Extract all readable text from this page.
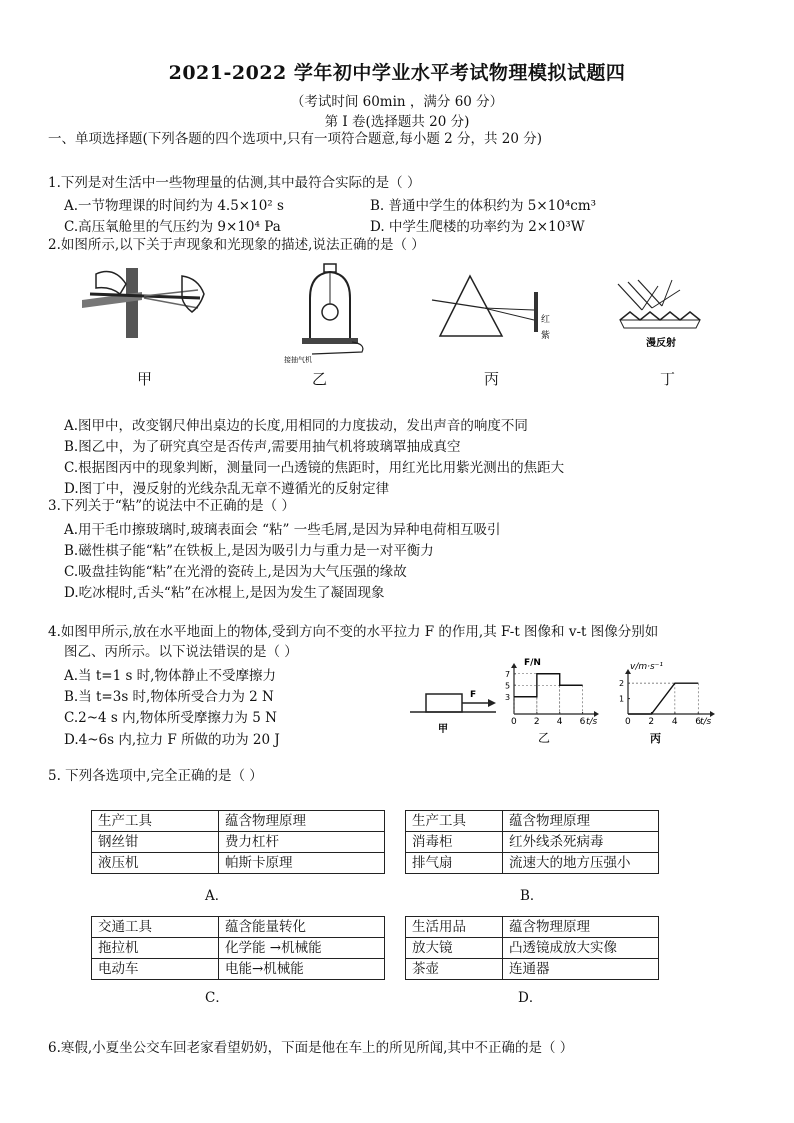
2021-2022 学年初中学业水平考试物理模拟试题四
（考试时间 60min ，满分 60 分）
第 I 卷(选择题共 20 分)
一、单项选择题(下列各题的四个选项中,只有一项符合题意,每小题 2 分，共 20 分)
1.下列是对生活中一些物理量的估测,其中最符合实际的是（ ）
A.一节物理课的时间约为 4.5×10² s	B. 普通中学生的体积约为 5×10⁴cm³
C.高压氧舱里的气压约为 9×10⁴ Pa	D. 中学生爬楼的功率约为 2×10³W
2.如图所示,以下关于声现象和光现象的描述,说法正确的是（ ）
接抽气机
红
紫
漫反射
甲	乙	丙	丁
A.图甲中，改变钢尺伸出桌边的长度,用相同的力度拔动，发出声音的响度不同
B.图乙中，为了研究真空是否传声,需要用抽气机将玻璃罩抽成真空
C.根据图丙中的现象判断，测量同一凸透镜的焦距时，用红光比用紫光测出的焦距大
D.图丁中，漫反射的光线杂乱无章不遵循光的反射定律
3.下列关于“粘”的说法中不正确的是（ ）
A.用干毛巾擦玻璃时,玻璃表面会 “粘” 一些毛屑,是因为异种电荷相互吸引
B.磁性棋子能“粘”在铁板上,是因为吸引力与重力是一对平衡力
C.吸盘挂钩能“粘”在光滑的瓷砖上,是因为大气压强的缘故
D.吃冰棍时,舌头“粘”在冰棍上,是因为发生了凝固现象
4.如图甲所示,放在水平地面上的物体,受到方向不变的水平拉力 F 的作用,其 F-t 图像和 v-t 图像分别如
图乙、丙所示。以下说法错误的是（ ）
A.当 t=1 s 时,物体静止不受摩擦力
B.当 t=3s 时,物体所受合力为 2 N
C.2~4 s 内,物体所受摩擦力为 5 N
D.4~6s 内,拉力 F 所做的功为 20 J
F
甲
0 2 4 6
3
5
7
F/N
t/s
乙
0 2 4 6
1
2
v/m·s⁻¹
t/s
丙
5. 下列各选项中,完全正确的是（ ）
生产工具	蕴含物理原理
钢丝钳	费力杠杆
液压机	帕斯卡原理
A．
生产工具	蕴含物理原理
消毒柜	红外线杀死病毒
排气扇	流速大的地方压强小
B．
交通工具	蕴含能量转化
拖拉机	化学能 →机械能
电动车	电能→机械能
C．
生活用品	蕴含物理原理
放大镜	凸透镜成放大实像
茶壶	连通器
D．
6.寒假,小夏坐公交车回老家看望奶奶，下面是他在车上的所见所闻,其中不正确的是（ ）
